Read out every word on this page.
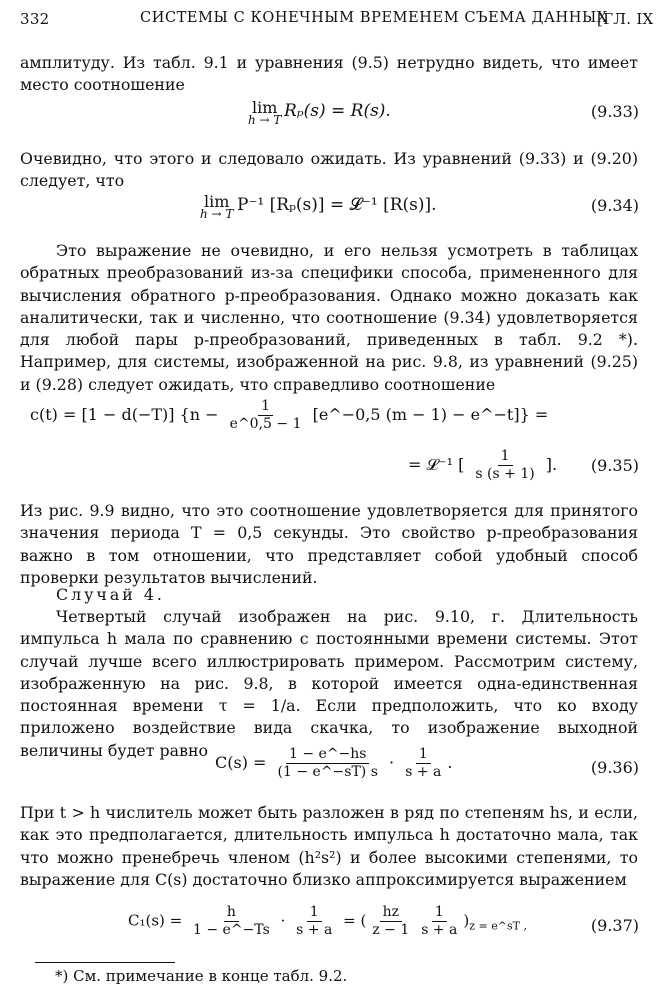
332	СИСТЕМЫ С КОНЕЧНЫМ ВРЕМЕНЕМ СЪЕМА ДАННЫХ
[ГЛ. IX

амплитуду. Из табл. 9.1 и уравнения (9.5) нетрудно видеть, что имеет место соотношение

lim
h → T Rₚ(s) = R(s).	(9.33)

Очевидно, что этого и следовало ожидать. Из уравнений (9.33) и (9.20) следует, что

lim
h → T P⁻¹ [Rₚ(s)] = 𝓛⁻¹ [R(s)].	(9.34)

Это выражение не очевидно, и его нельзя усмотреть в таблицах обратных преобразований из-за специфики способа, примененного для вычисления обратного p-преобразования. Однако можно доказать как аналитически, так и численно, что соотношение (9.34) удовлетворяется для любой пары p-преобразований, приведенных в табл. 9.2 *). Например, для системы, изображенной на рис. 9.8, из уравнений (9.25) и (9.28) следует ожидать, что справедливо соотношение

c(t) = [1 − d(−T)] {$n - \frac{1}{e\^{}0,5 - 1}$ [e^−0,5 (m − 1) − e^−t]} =
= 𝓛⁻¹ [ $\frac{1}{s (s + 1)}$ ]. (9.35)

Из рис. 9.9 видно, что это соотношение удовлетворяется для принятого значения периода T = 0,5 секунды. Это свойство p-преобразования важно в том отношении, что представляет собой удобный способ проверки результатов вычислений.

Случай 4.

Четвертый случай изображен на рис. 9.10, г. Длительность импульса h мала по сравнению с постоянными времени системы. Этот случай лучше всего иллюстрировать примером. Рассмотрим систему, изображенную на рис. 9.8, в которой имеется одна-единственная постоянная времени τ = 1/a. Если предположить, что ко входу приложено воздействие вида скачка, то изображение выходной величины будет равно

$C(s) = \frac{1 - e\^{}-hs}{(1 - e\^{}-sT) s} \cdot \frac{1}{s + a}$ .	(9.36)

При t > h числитель может быть разложен в ряд по степеням hs, и если, как это предполагается, длительность импульса h достаточно мала, так что можно пренебречь членом (h²s²) и более высокими степенями, то выражение для C(s) достаточно близко аппроксимируется выражением

$C_1(s) = \frac{h}{1 - e\^{}-Ts} \cdot \frac{1}{s + a}$ = ( $\frac{hz}{z - 1} \frac{1}{s + a} )_{z = e\^{}sT ,}$	(9.37)
*) См. примечание в конце табл. 9.2.
